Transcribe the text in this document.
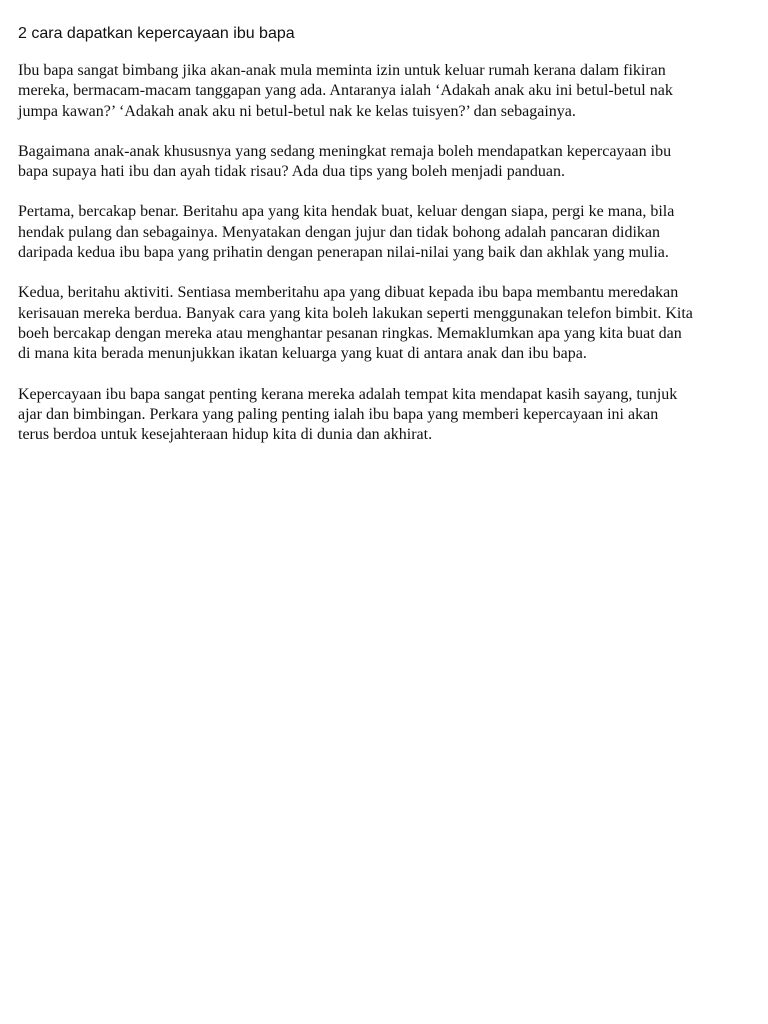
2 cara dapatkan kepercayaan ibu bapa

Ibu bapa sangat bimbang jika akan-anak mula meminta izin untuk keluar rumah kerana dalam fikiran mereka, bermacam-macam tanggapan yang ada. Antaranya ialah ‘Adakah anak aku ini betul-betul nak jumpa kawan?’ ‘Adakah anak aku ni betul-betul nak ke kelas tuisyen?’ dan sebagainya.

Bagaimana anak-anak khususnya yang sedang meningkat remaja boleh mendapatkan kepercayaan ibu bapa supaya hati ibu dan ayah tidak risau? Ada dua tips yang boleh menjadi panduan.

Pertama, bercakap benar. Beritahu apa yang kita hendak buat, keluar dengan siapa, pergi ke mana, bila hendak pulang dan sebagainya. Menyatakan dengan jujur dan tidak bohong adalah pancaran didikan daripada kedua ibu bapa yang prihatin dengan penerapan nilai-nilai yang baik dan akhlak yang mulia.

Kedua, beritahu aktiviti. Sentiasa memberitahu apa yang dibuat kepada ibu bapa membantu meredakan kerisauan mereka berdua. Banyak cara yang kita boleh lakukan seperti menggunakan telefon bimbit. Kita boeh bercakap dengan mereka atau menghantar pesanan ringkas. Memaklumkan apa yang kita buat dan di mana kita berada menunjukkan ikatan keluarga yang kuat di antara anak dan ibu bapa.

Kepercayaan ibu bapa sangat penting kerana mereka adalah tempat kita mendapat kasih sayang, tunjuk ajar dan bimbingan. Perkara yang paling penting ialah ibu bapa yang memberi kepercayaan ini akan terus berdoa untuk kesejahteraan hidup kita di dunia dan akhirat.
